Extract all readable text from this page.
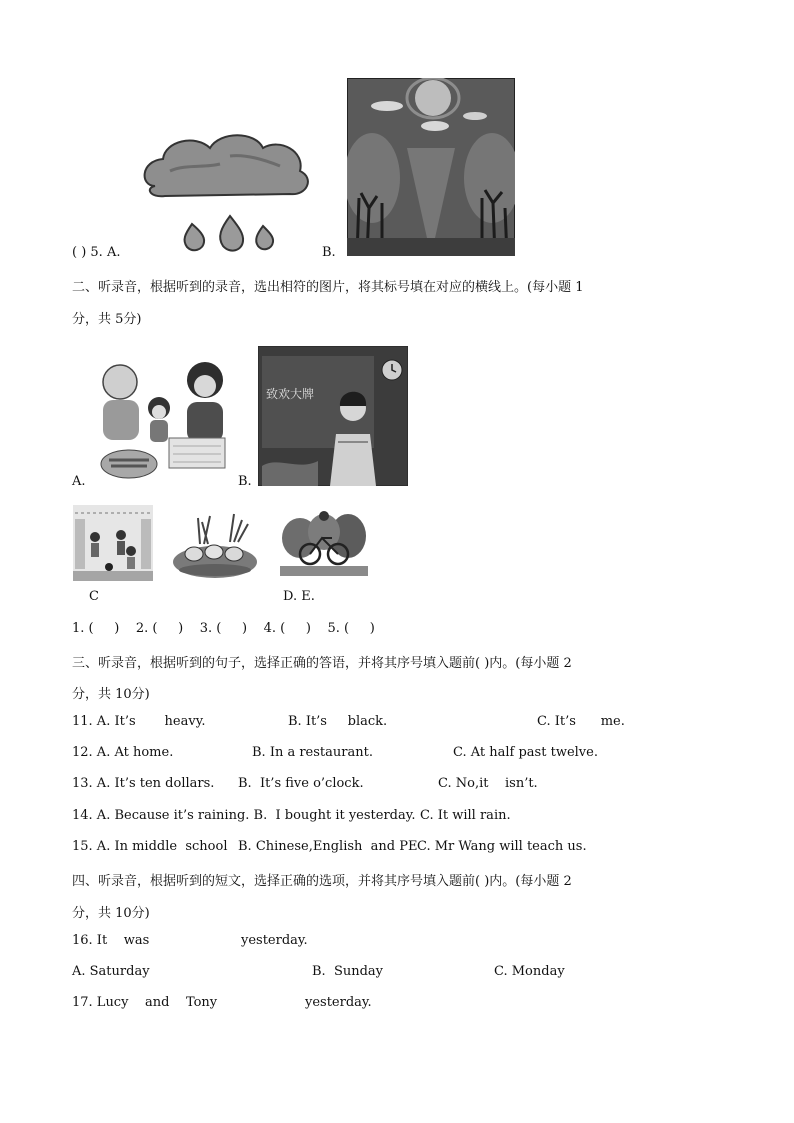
( ) 5. A.	B.
二、听录音，根据听到的录音，选出相符的图片，将其标号填在对应的横线上。(每小题 1
分，共 5分)
致欢大牌
A.	B.
C	D. E.
1. (     )    2. (     )    3. (     )    4. (     )    5. (     )
三、听录音，根据听到的句子，选择正确的答语，并将其序号填入题前( )内。(每小题 2
分，共 10分)
11. A. It’s       heavy.	B. It’s     black.	C. It’s      me.
12. A. At home.	B. In a restaurant.	C. At half past twelve.
13. A. It’s ten dollars. B.  It’s five o’clock.	C. No,it    isn’t.
14. A. Because it’s raining. B.  I bought it yesterday. C. It will rain.
15. A. In middle  school B. Chinese,English  and PE C. Mr Wang will teach us.
四、听录音，根据听到的短文，选择正确的选项，并将其序号填入题前( )内。(每小题 2
分，共 10分)
16. It    was	yesterday.
A. Saturday	B.  Sunday	C. Monday
17. Lucy    and    Tony	yesterday.
